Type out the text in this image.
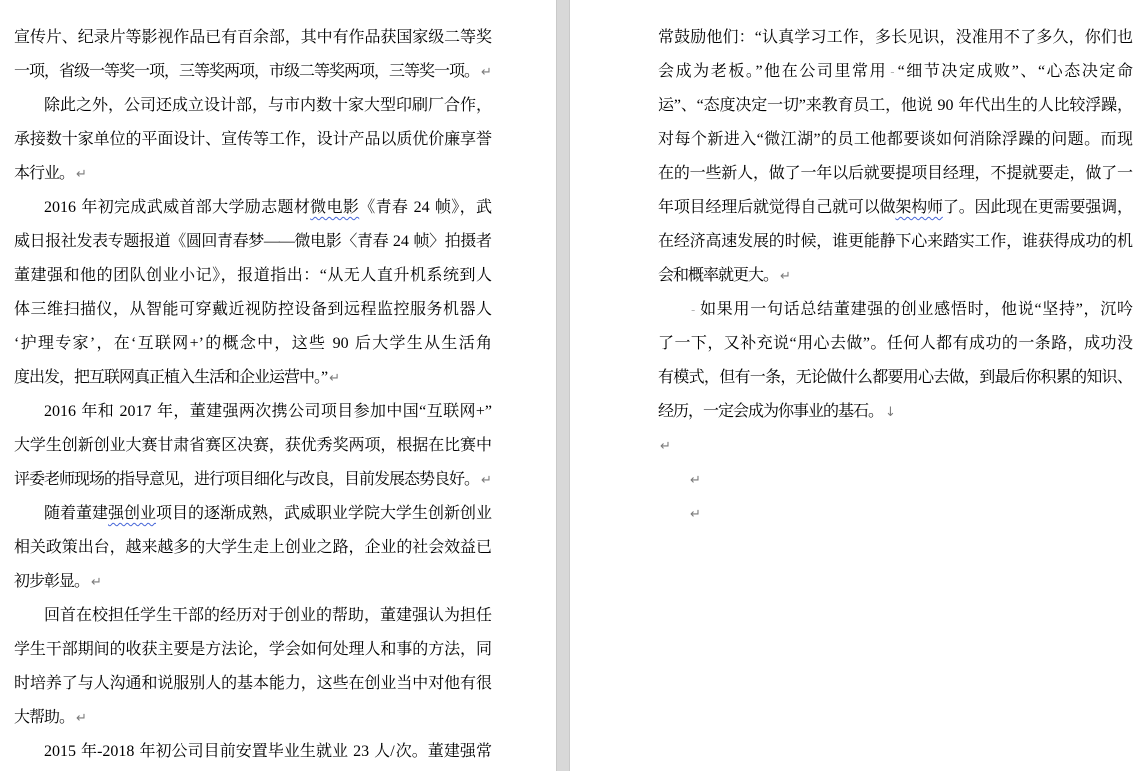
宣传片、纪录片等影视作品已有百余部，其中有作品获国家级二等奖
一项，省级一等奖一项，三等奖两项，市级二等奖两项，三等奖一项。 ↵
除此之外，公司还成立设计部，与市内数十家大型印刷厂合作，
承接数十家单位的平面设计、宣传等工作，设计产品以质优价廉享誉
本行业。 ↵
2016 年初完成武威首部大学励志题材微电影《青春 24 帧》，武
威日报社发表专题报道《圆回青春梦——微电影〈青春 24 帧〉拍摄者
董建强和他的团队创业小记》，报道指出：“从无人直升机系统到人
体三维扫描仪，从智能可穿戴近视防控设备到远程监控服务机器人
‘护理专家’，在‘互联网+’的概念中，这些 90 后大学生从生活角
度出发，把互联网真正植入生活和企业运营中。” ↵
2016 年和 2017 年，董建强两次携公司项目参加中国“互联网+”
大学生创新创业大赛甘肃省赛区决赛，获优秀奖两项，根据在比赛中
评委老师现场的指导意见，进行项目细化与改良，目前发展态势良好。 ↵
随着董建强创业项目的逐渐成熟，武威职业学院大学生创新创业
相关政策出台，越来越多的大学生走上创业之路，企业的社会效益已
初步彰显。 ↵
回首在校担任学生干部的经历对于创业的帮助，董建强认为担任
学生干部期间的收获主要是方法论，学会如何处理人和事的方法，同
时培养了与人沟通和说服别人的基本能力，这些在创业当中对他有很
大帮助。 ↵
2015 年-2018 年初公司目前安置毕业生就业 23 人/次。董建强常
常鼓励他们：“认真学习工作，多长见识，没准用不了多久，你们也
会成为老板。”他在公司里常用 - “细节决定成败”、“心态决定命
运”、“态度决定一切”来教育员工，他说 90 年代出生的人比较浮躁，
对每个新进入“微江湖”的员工他都要谈如何消除浮躁的问题。而现
在的一些新人，做了一年以后就要提项目经理，不提就要走，做了一
年项目经理后就觉得自己就可以做架构师了。因此现在更需要强调，
在经济高速发展的时候，谁更能静下心来踏实工作，谁获得成功的机
会和概率就更大。 ↵
- 如果用一句话总结董建强的创业感悟时，他说“坚持”，沉吟
了一下，又补充说“用心去做”。任何人都有成功的一条路，成功没
有模式，但有一条，无论做什么都要用心去做，到最后你积累的知识、
经历，一定会成为你事业的基石。 ↓
↵
↵
↵
